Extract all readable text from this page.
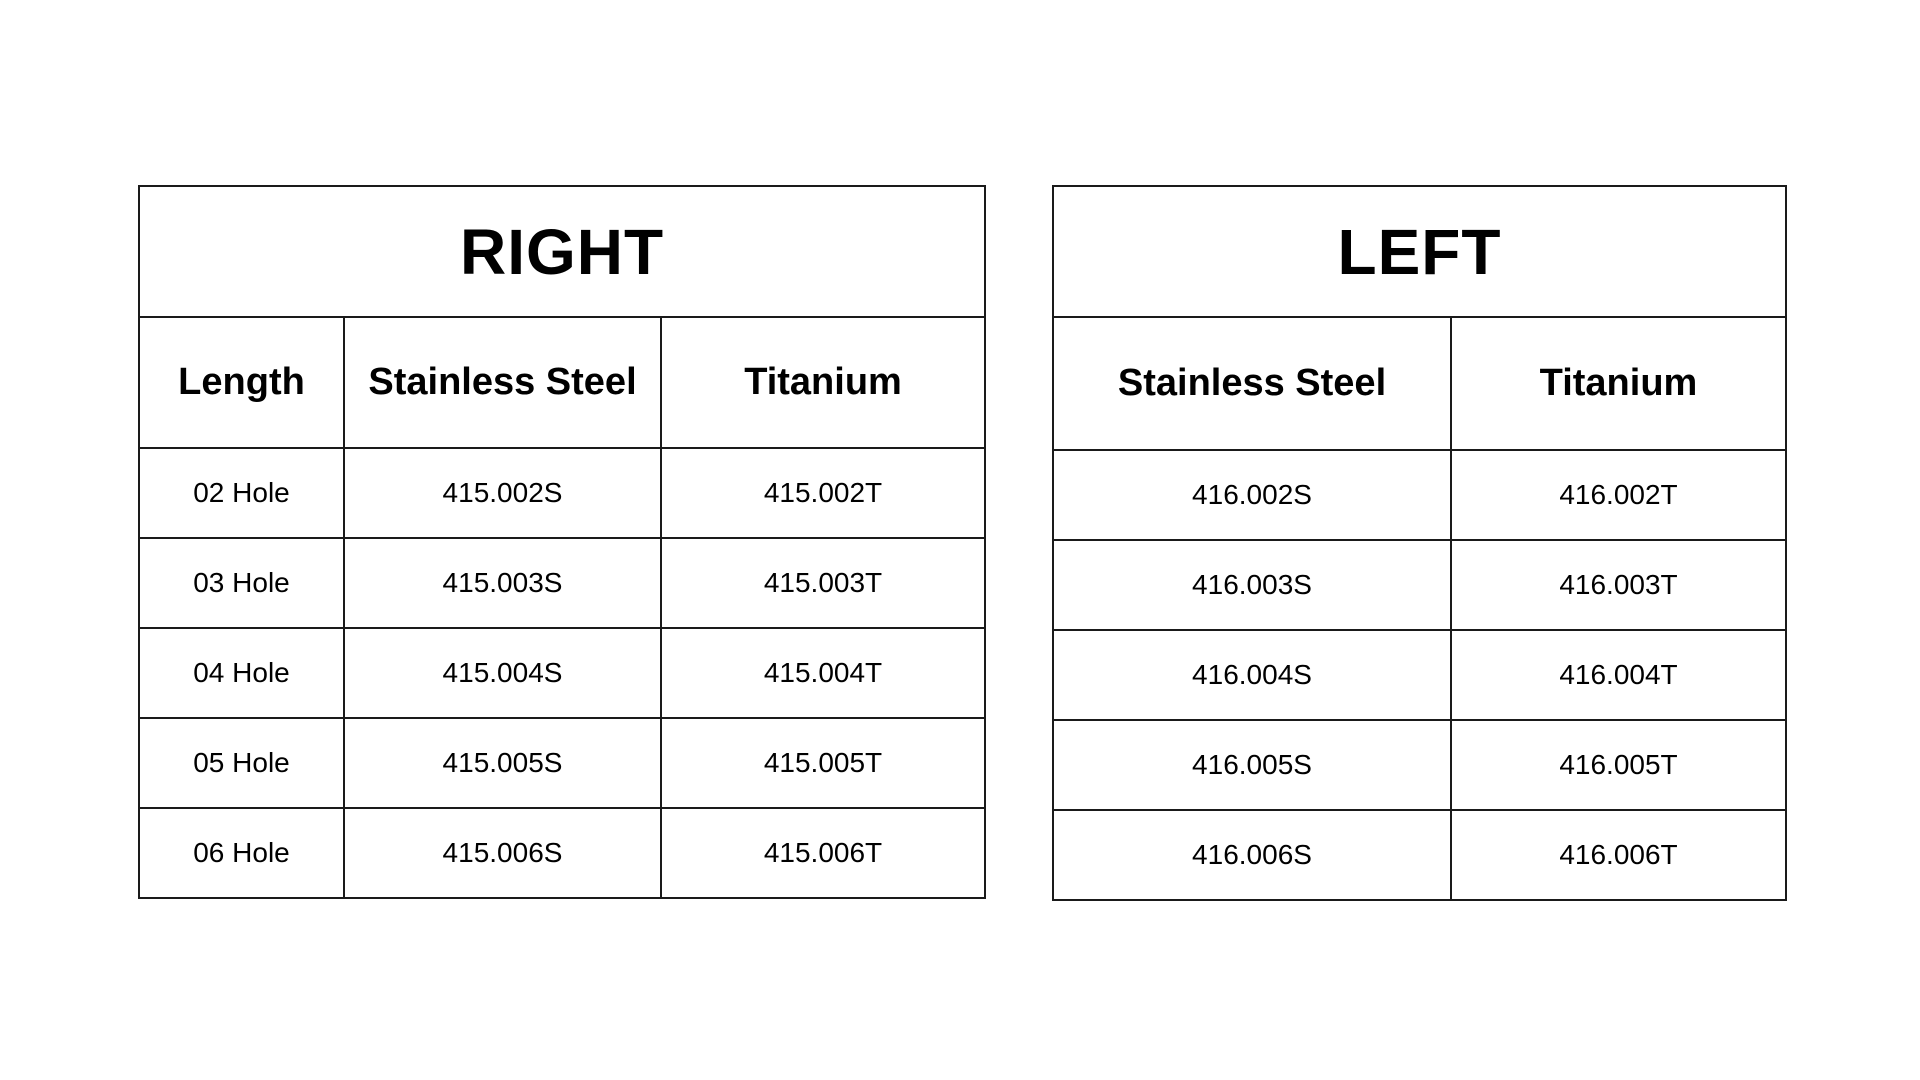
RIGHT		
Length	Stainless Steel	Titanium
02 Hole	415.002S	415.002T
03 Hole	415.003S	415.003T
04 Hole	415.004S	415.004T
05 Hole	415.005S	415.005T
06 Hole	415.006S	415.006T
LEFT	
Stainless Steel	Titanium
416.002S	416.002T
416.003S	416.003T
416.004S	416.004T
416.005S	416.005T
416.006S	416.006T
